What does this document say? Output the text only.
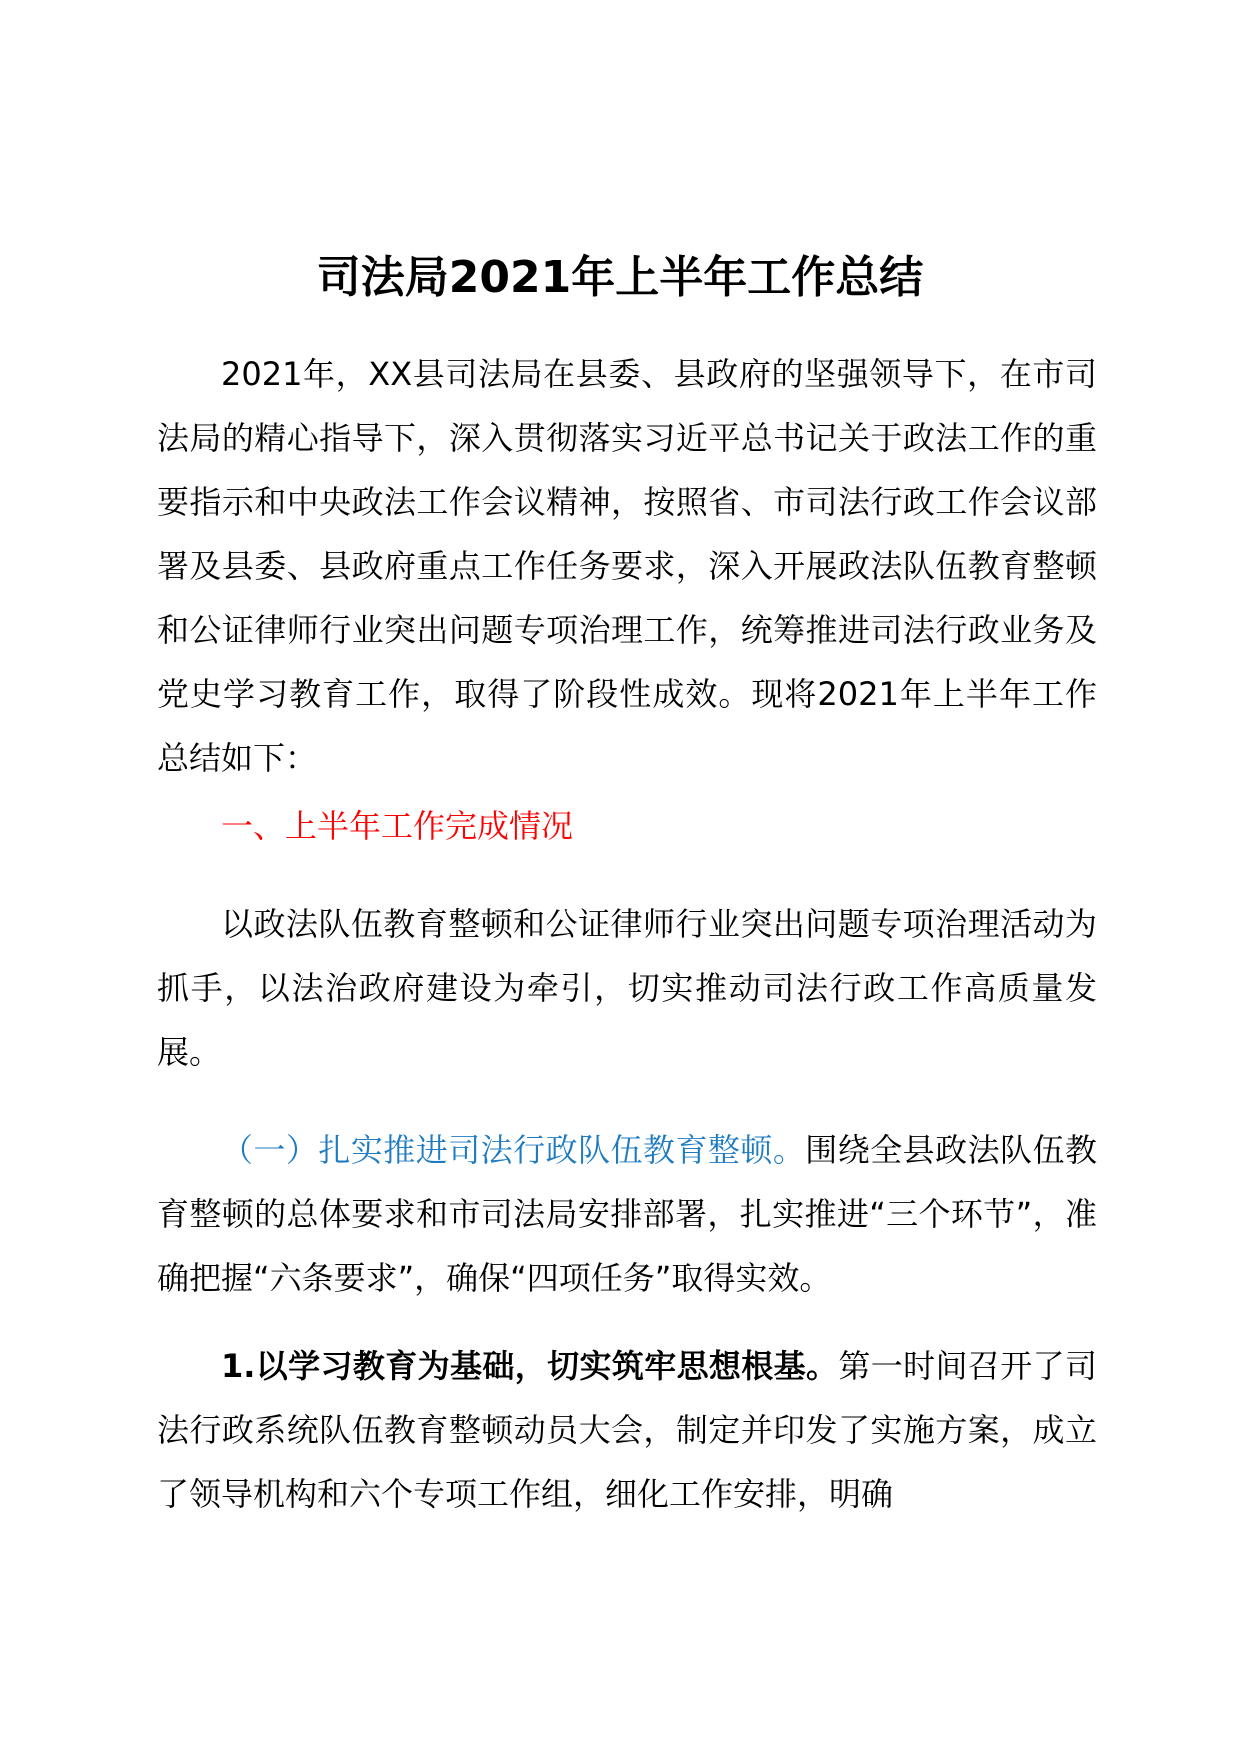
司法局2021年上半年工作总结

2021年，XX县司法局在县委、县政府的坚强领导下，在市司法局的精心指导下，深入贯彻落实习近平总书记关于政法工作的重要指示和中央政法工作会议精神，按照省、市司法行政工作会议部署及县委、县政府重点工作任务要求，深入开展政法队伍教育整顿和公证律师行业突出问题专项治理工作，统筹推进司法行政业务及党史学习教育工作，取得了阶段性成效。现将2021年上半年工作总结如下：

一、上半年工作完成情况

以政法队伍教育整顿和公证律师行业突出问题专项治理活动为抓手，以法治政府建设为牵引，切实推动司法行政工作高质量发展。

（一）扎实推进司法行政队伍教育整顿。围绕全县政法队伍教育整顿的总体要求和市司法局安排部署，扎实推进“三个环节”，准确把握“六条要求”，确保“四项任务”取得实效。

1.以学习教育为基础，切实筑牢思想根基。第一时间召开了司法行政系统队伍教育整顿动员大会，制定并印发了实施方案，成立了领导机构和六个专项工作组，细化工作安排，明确
